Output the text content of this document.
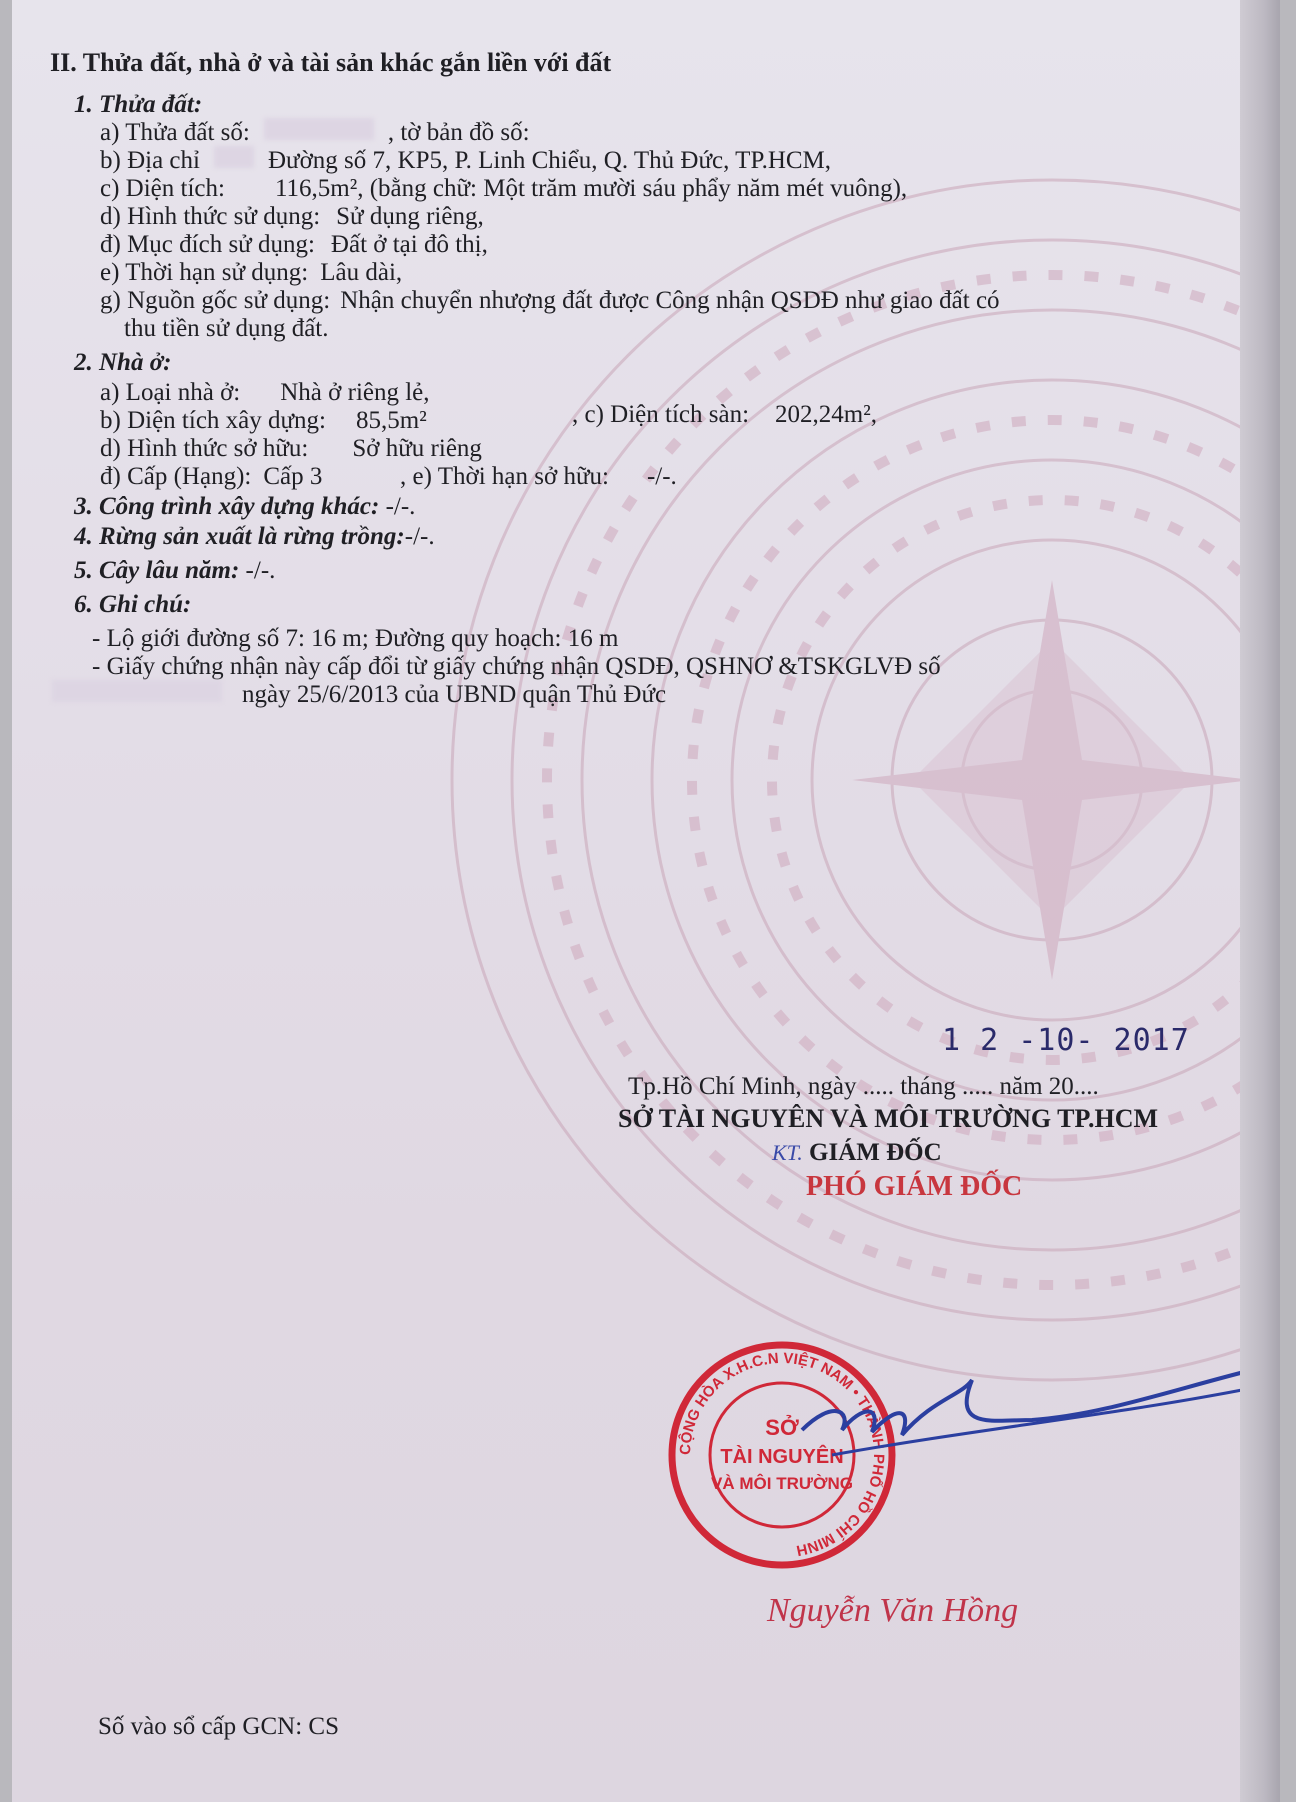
II. Thửa đất, nhà ở và tài sản khác gắn liền với đất
1. Thửa đất:
a) Thửa đất số:	, tờ bản đồ số:
b) Địa chỉ	Đường số 7, KP5, P. Linh Chiểu, Q. Thủ Đức, TP.HCM,
c) Diện tích: 116,5m², (bằng chữ: Một trăm mười sáu phẩy năm mét vuông),
d) Hình thức sử dụng: Sử dụng riêng,
đ) Mục đích sử dụng: Đất ở tại đô thị,
e) Thời hạn sử dụng: Lâu dài,
g) Nguồn gốc sử dụng: Nhận chuyển nhượng đất được Công nhận QSDĐ như giao đất có
thu tiền sử dụng đất.
2. Nhà ở:
a) Loại nhà ở: Nhà ở riêng lẻ,
b) Diện tích xây dựng: 85,5m²	, c) Diện tích sàn: 202,24m²,
d) Hình thức sở hữu: Sở hữu riêng
đ) Cấp (Hạng): Cấp 3	, e) Thời hạn sở hữu: -/-.
3. Công trình xây dựng khác: -/-.
4. Rừng sản xuất là rừng trồng:-/-.
5. Cây lâu năm: -/-.
6. Ghi chú:
- Lộ giới đường số 7: 16 m; Đường quy hoạch: 16 m
- Giấy chứng nhận này cấp đổi từ giấy chứng nhận QSDĐ, QSHNƠ &TSKGLVĐ số
ngày 25/6/2013 của UBND quận Thủ Đức
1 2 -10- 2017
Tp.Hồ Chí Minh, ngày ..... tháng ..... năm 20....
SỞ TÀI NGUYÊN VÀ MÔI TRƯỜNG TP.HCM
KT. GIÁM ĐỐC
PHÓ GIÁM ĐỐC
CỘNG HÒA X.H.C.N VIỆT NAM • THÀNH PHỐ HỒ CHÍ MINH
SỞ
TÀI NGUYÊN
VÀ MÔI TRƯỜNG
Nguyễn Văn Hồng
Số vào sổ cấp GCN: CS
